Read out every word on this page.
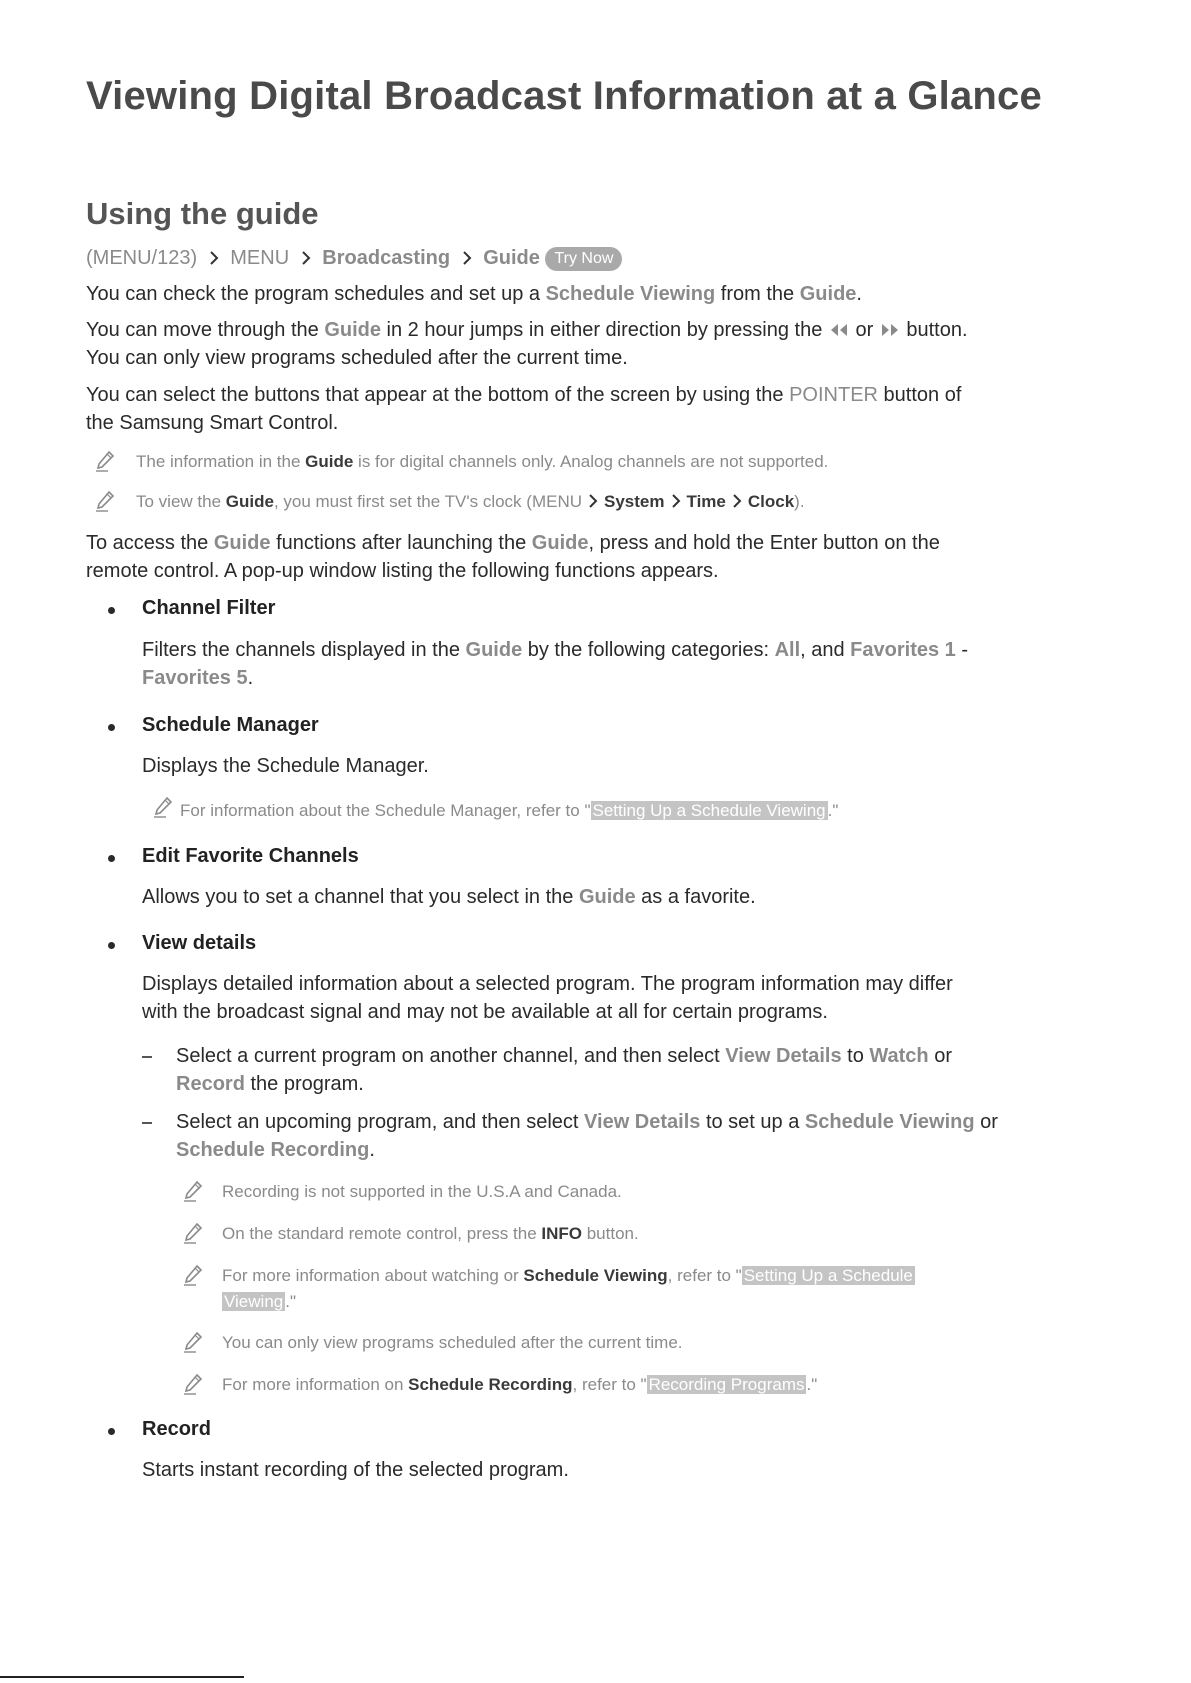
Viewing Digital Broadcast Information at a Glance
Using the guide
(MENU/123) MENU Broadcasting Guide Try Now
You can check the program schedules and set up a Schedule Viewing from the Guide.
You can move through the Guide in 2 hour jumps in either direction by pressing the  or  button.
You can only view programs scheduled after the current time.
You can select the buttons that appear at the bottom of the screen by using the POINTER button of
the Samsung Smart Control.
The information in the Guide is for digital channels only. Analog channels are not supported.
To view the Guide, you must first set the TV's clock (MENU System Time Clock).
To access the Guide functions after launching the Guide, press and hold the Enter button on the
remote control. A pop-up window listing the following functions appears.
Channel Filter
Filters the channels displayed in the Guide by the following categories: All, and Favorites 1 -
Favorites 5.
Schedule Manager
Displays the Schedule Manager.
For information about the Schedule Manager, refer to " Setting Up a Schedule Viewing ."
Edit Favorite Channels
Allows you to set a channel that you select in the Guide as a favorite.
View details
Displays detailed information about a selected program. The program information may differ
with the broadcast signal and may not be available at all for certain programs.
Select a current program on another channel, and then select View Details to Watch or
Record the program.
Select an upcoming program, and then select View Details to set up a Schedule Viewing or
Schedule Recording.
Recording is not supported in the U.S.A and Canada.
On the standard remote control, press the INFO button.
For more information about watching or Schedule Viewing, refer to " Setting Up a Schedule
Viewing ."
You can only view programs scheduled after the current time.
For more information on Schedule Recording, refer to " Recording Programs ."
Record
Starts instant recording of the selected program.
